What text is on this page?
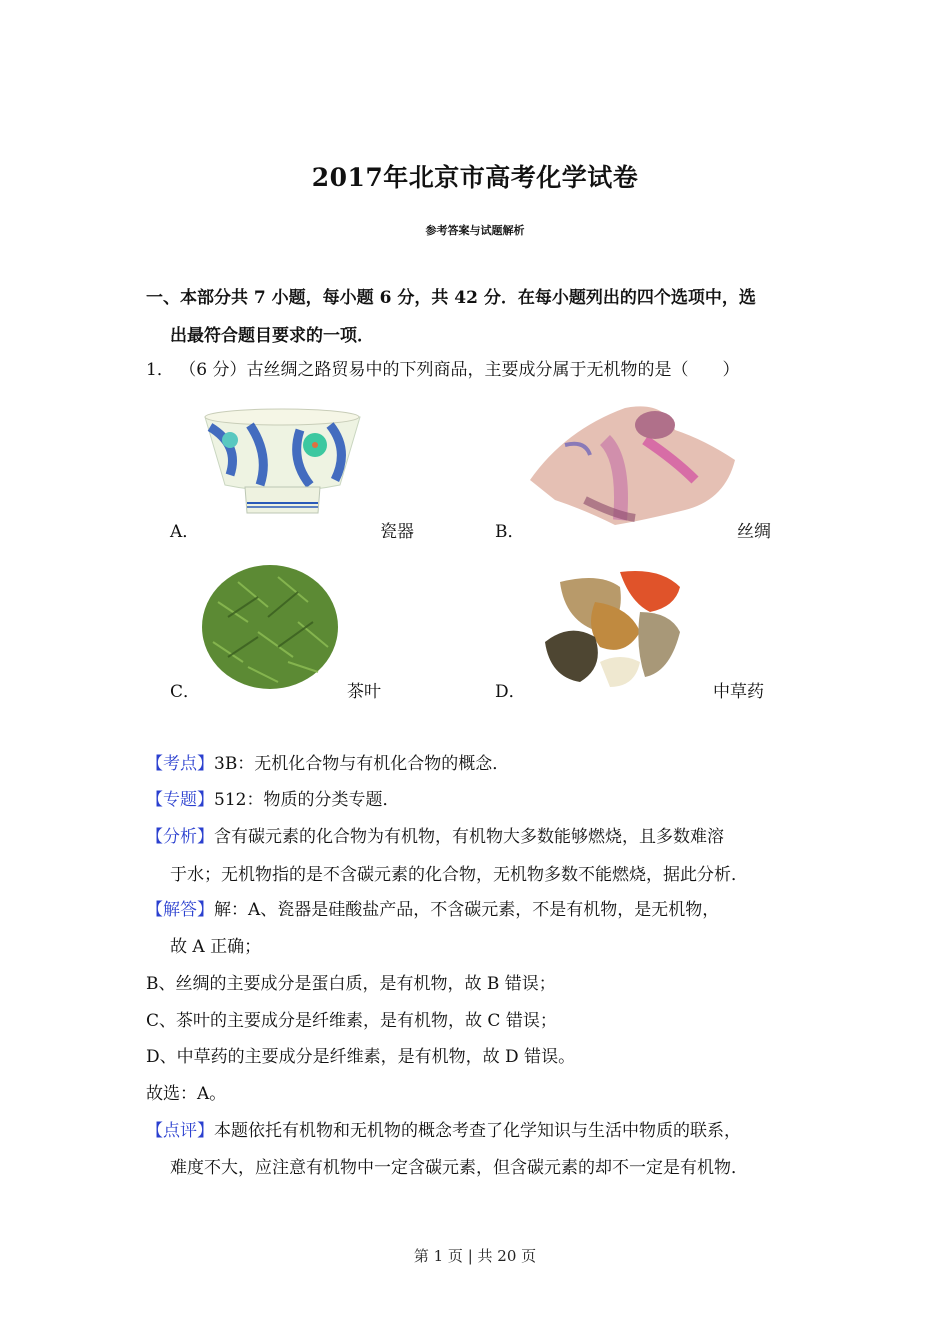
2017年北京市高考化学试卷
参考答案与试题解析
一、本部分共 7 小题，每小题 6 分，共 42 分．在每小题列出的四个选项中，选
出最符合题目要求的一项．
1． （6 分）古丝绸之路贸易中的下列商品，主要成分属于无机物的是（　　）
A．	瓷器	B．	丝绸
C．	茶叶	D．	中草药
【考点】3B：无机化合物与有机化合物的概念．
【专题】512：物质的分类专题．
【分析】含有碳元素的化合物为有机物，有机物大多数能够燃烧，且多数难溶
于水；无机物指的是不含碳元素的化合物，无机物多数不能燃烧，据此分析．
【解答】解：A、瓷器是硅酸盐产品，不含碳元素，不是有机物，是无机物，
故 A 正确；
B、丝绸的主要成分是蛋白质，是有机物，故 B 错误；
C、茶叶的主要成分是纤维素，是有机物，故 C 错误；
D、中草药的主要成分是纤维素，是有机物，故 D 错误。
故选：A。
【点评】本题依托有机物和无机物的概念考查了化学知识与生活中物质的联系，
难度不大，应注意有机物中一定含碳元素，但含碳元素的却不一定是有机物．
第 1 页 | 共 20 页
